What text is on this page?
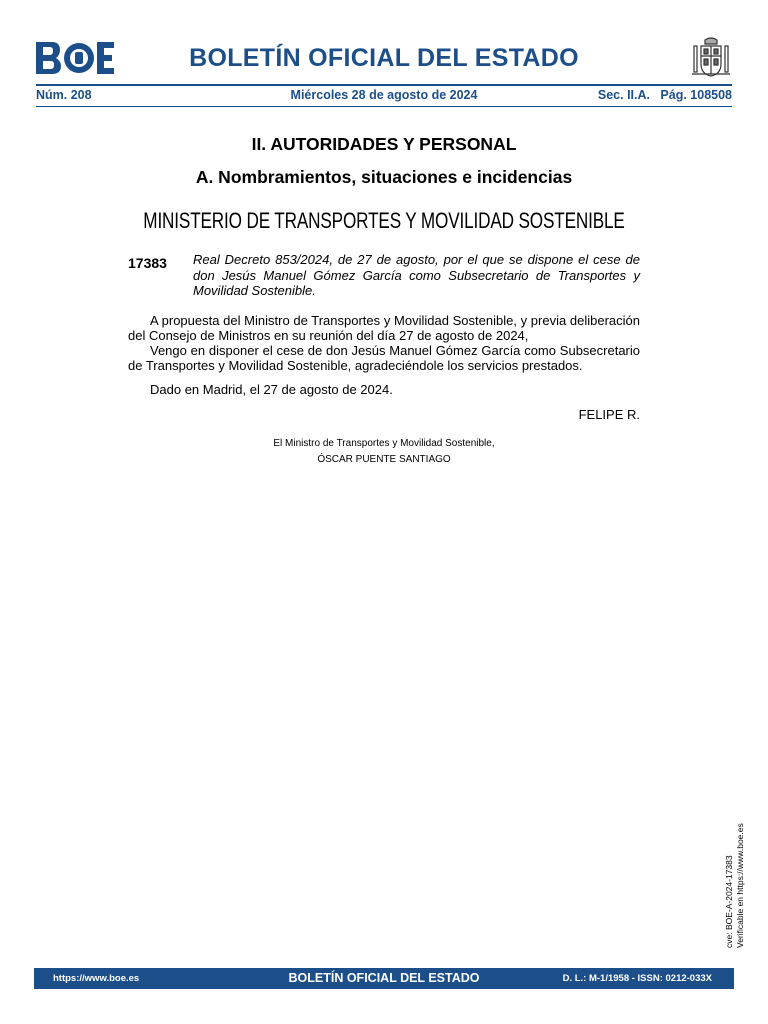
BOLETÍN OFICIAL DEL ESTADO
Núm. 208	Miércoles 28 de agosto de 2024	Sec. II.A.   Pág. 108508
II. AUTORIDADES Y PERSONAL
A. Nombramientos, situaciones e incidencias
MINISTERIO DE TRANSPORTES Y MOVILIDAD SOSTENIBLE
17383 Real Decreto 853/2024, de 27 de agosto, por el que se dispone el cese de don Jesús Manuel Gómez García como Subsecretario de Transportes y Movilidad Sostenible.
A propuesta del Ministro de Transportes y Movilidad Sostenible, y previa deliberación del Consejo de Ministros en su reunión del día 27 de agosto de 2024,
Vengo en disponer el cese de don Jesús Manuel Gómez García como Subsecretario de Transportes y Movilidad Sostenible, agradeciéndole los servicios prestados.
Dado en Madrid, el 27 de agosto de 2024.
FELIPE R.
El Ministro de Transportes y Movilidad Sostenible,
ÓSCAR PUENTE SANTIAGO
cve: BOE-A-2024-17383 Verificable en https://www.boe.es
BOLETÍN OFICIAL DEL ESTADO
https://www.boe.es	D. L.: M-1/1958 - ISSN: 0212-033X
